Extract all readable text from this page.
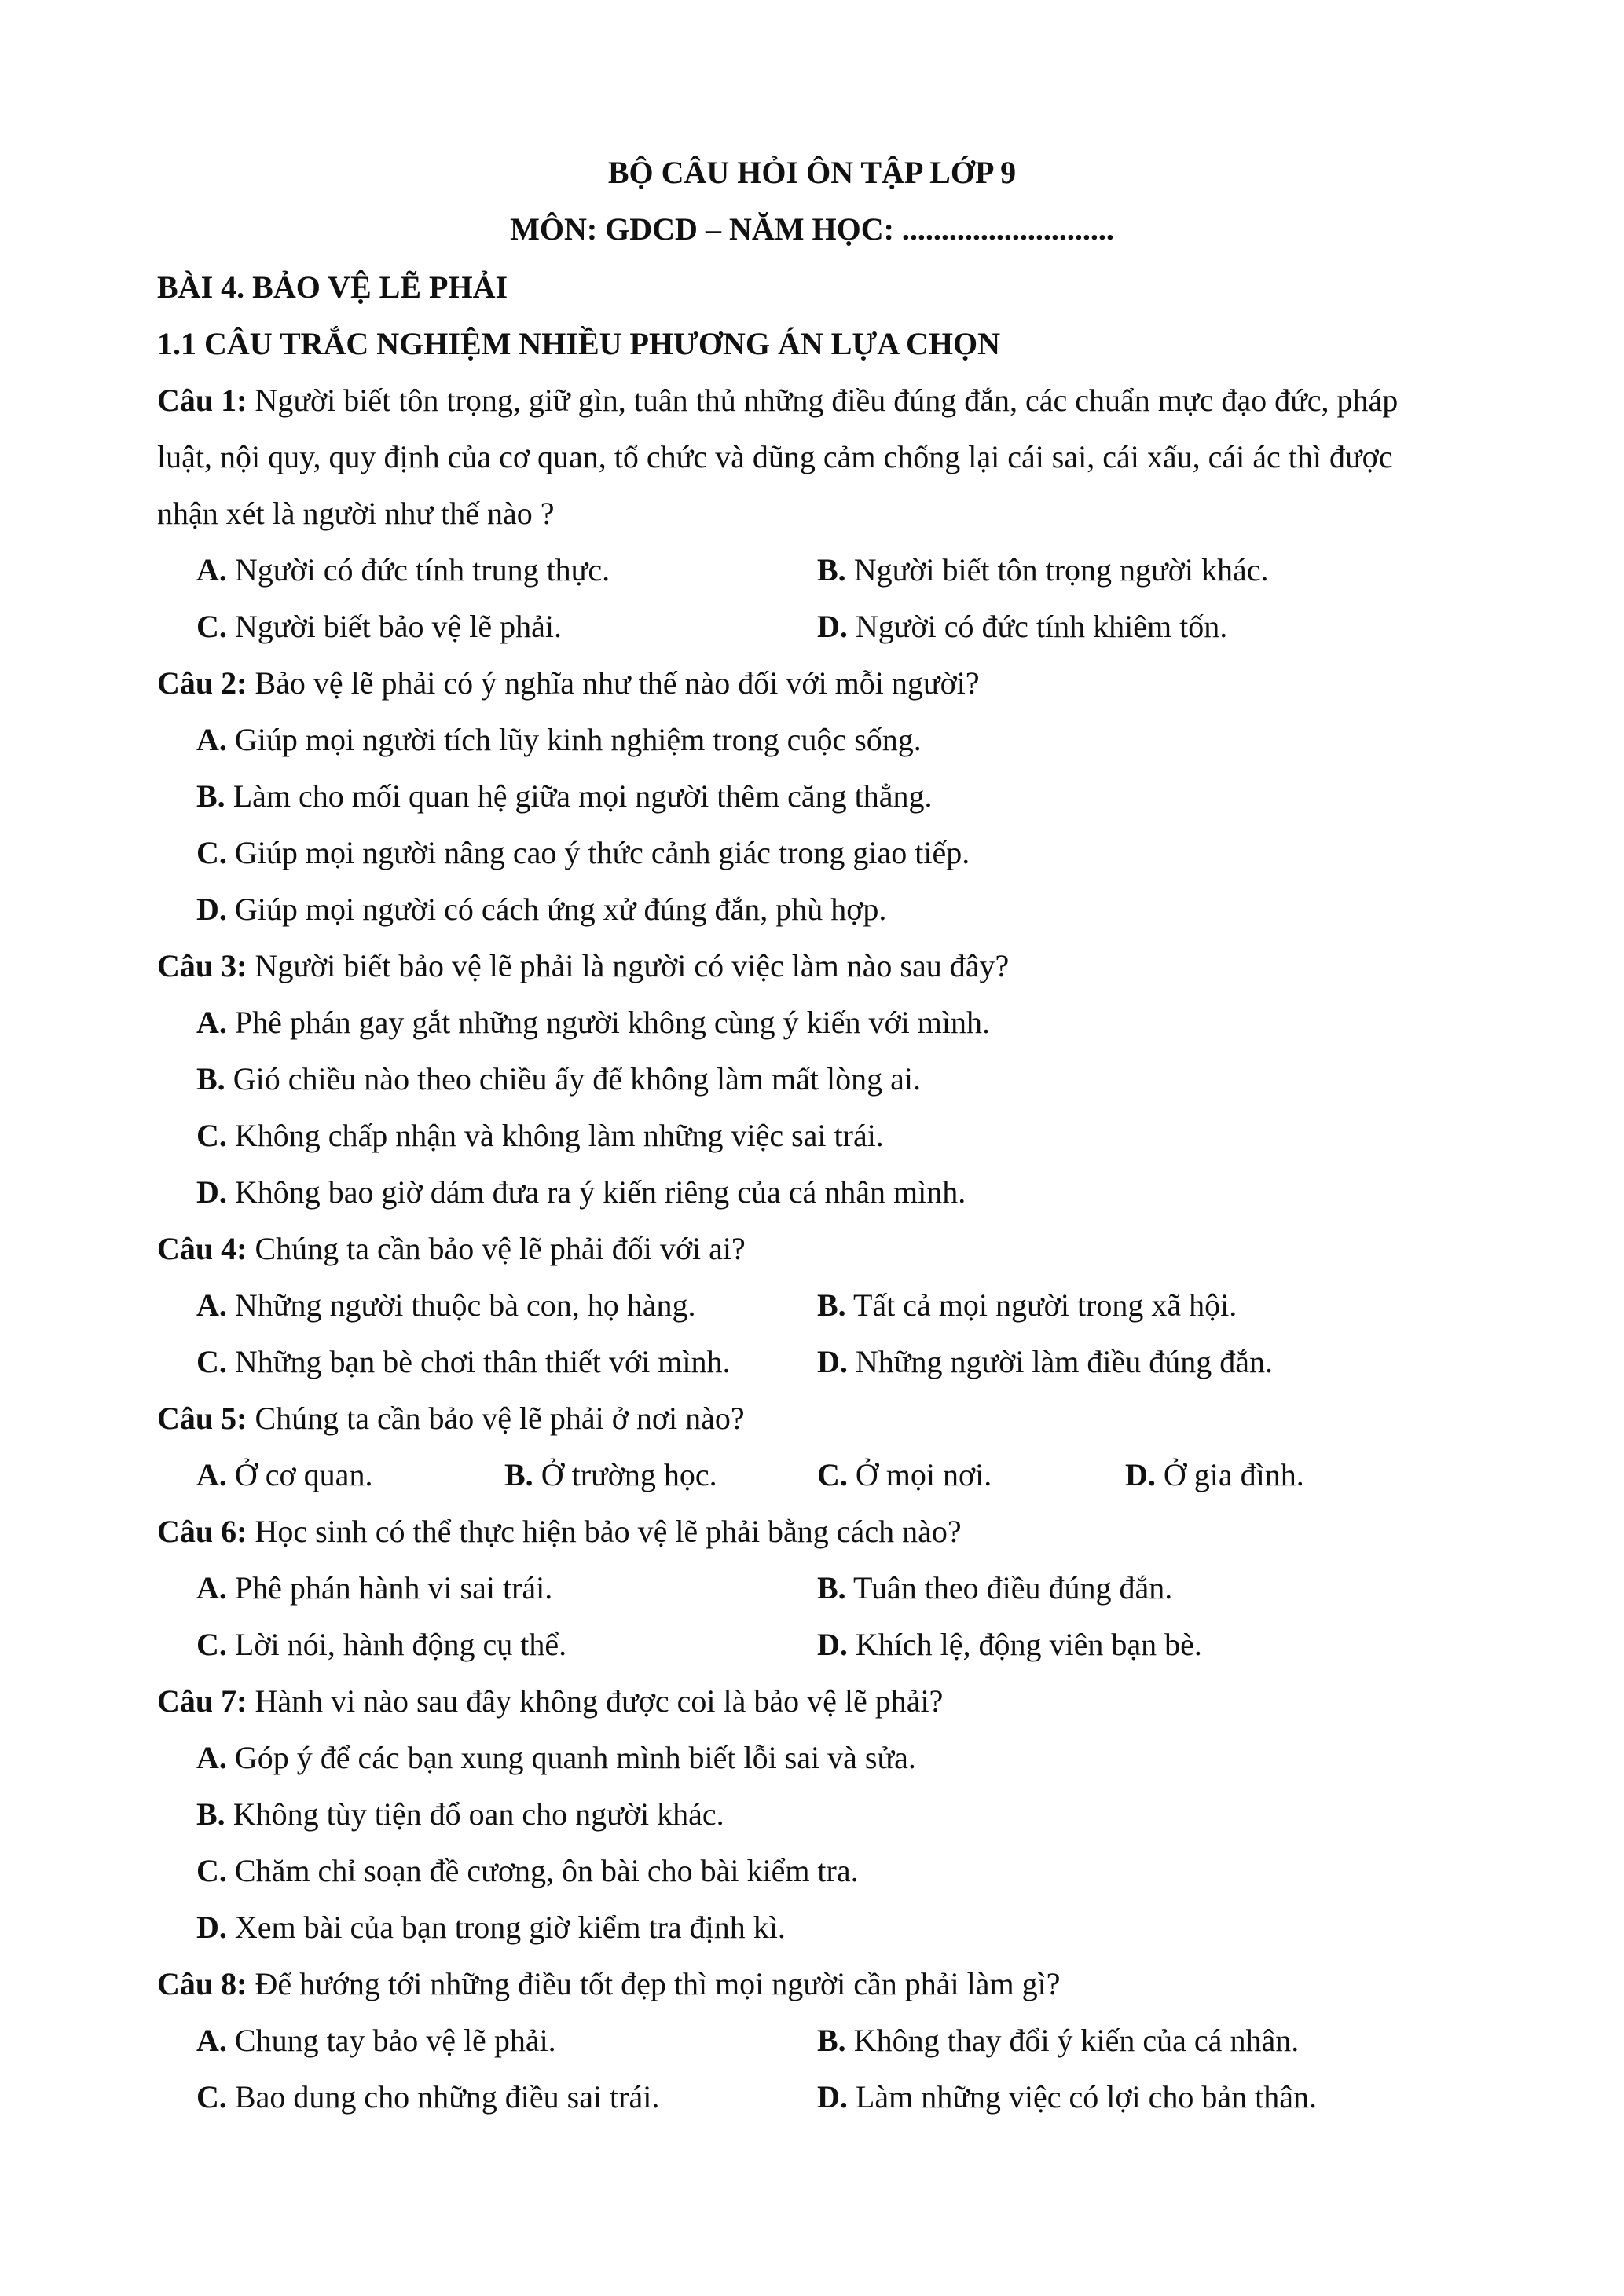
BỘ CÂU HỎI ÔN TẬP LỚP 9
MÔN: GDCD – NĂM HỌC: ...........................
BÀI 4. BẢO VỆ LẼ PHẢI
1.1 CÂU TRẮC NGHIỆM NHIỀU PHƯƠNG ÁN LỰA CHỌN
Câu 1: Người biết tôn trọng, giữ gìn, tuân thủ những điều đúng đắn, các chuẩn mực đạo đức, pháp
luật, nội quy, quy định của cơ quan, tổ chức và dũng cảm chống lại cái sai, cái xấu, cái ác thì được
nhận xét là người như thế nào ?
A. Người có đức tính trung thực.	B. Người biết tôn trọng người khác.
C. Người biết bảo vệ lẽ phải.	D. Người có đức tính khiêm tốn.
Câu 2: Bảo vệ lẽ phải có ý nghĩa như thế nào đối với mỗi người?
A. Giúp mọi người tích lũy kinh nghiệm trong cuộc sống.
B. Làm cho mối quan hệ giữa mọi người thêm căng thẳng.
C. Giúp mọi người nâng cao ý thức cảnh giác trong giao tiếp.
D. Giúp mọi người có cách ứng xử đúng đắn, phù hợp.
Câu 3: Người biết bảo vệ lẽ phải là người có việc làm nào sau đây?
A. Phê phán gay gắt những người không cùng ý kiến với mình.
B. Gió chiều nào theo chiều ấy để không làm mất lòng ai.
C. Không chấp nhận và không làm những việc sai trái.
D. Không bao giờ dám đưa ra ý kiến riêng của cá nhân mình.
Câu 4: Chúng ta cần bảo vệ lẽ phải đối với ai?
A. Những người thuộc bà con, họ hàng.	B. Tất cả mọi người trong xã hội.
C. Những bạn bè chơi thân thiết với mình.	D. Những người làm điều đúng đắn.
Câu 5: Chúng ta cần bảo vệ lẽ phải ở nơi nào?
A. Ở cơ quan.	B. Ở trường học.	C. Ở mọi nơi.	D. Ở gia đình.
Câu 6: Học sinh có thể thực hiện bảo vệ lẽ phải bằng cách nào?
A. Phê phán hành vi sai trái.	B. Tuân theo điều đúng đắn.
C. Lời nói, hành động cụ thể.	D. Khích lệ, động viên bạn bè.
Câu 7: Hành vi nào sau đây không được coi là bảo vệ lẽ phải?
A. Góp ý để các bạn xung quanh mình biết lỗi sai và sửa.
B. Không tùy tiện đổ oan cho người khác.
C. Chăm chỉ soạn đề cương, ôn bài cho bài kiểm tra.
D. Xem bài của bạn trong giờ kiểm tra định kì.
Câu 8: Để hướng tới những điều tốt đẹp thì mọi người cần phải làm gì?
A. Chung tay bảo vệ lẽ phải.	B. Không thay đổi ý kiến của cá nhân.
C. Bao dung cho những điều sai trái.	D. Làm những việc có lợi cho bản thân.
